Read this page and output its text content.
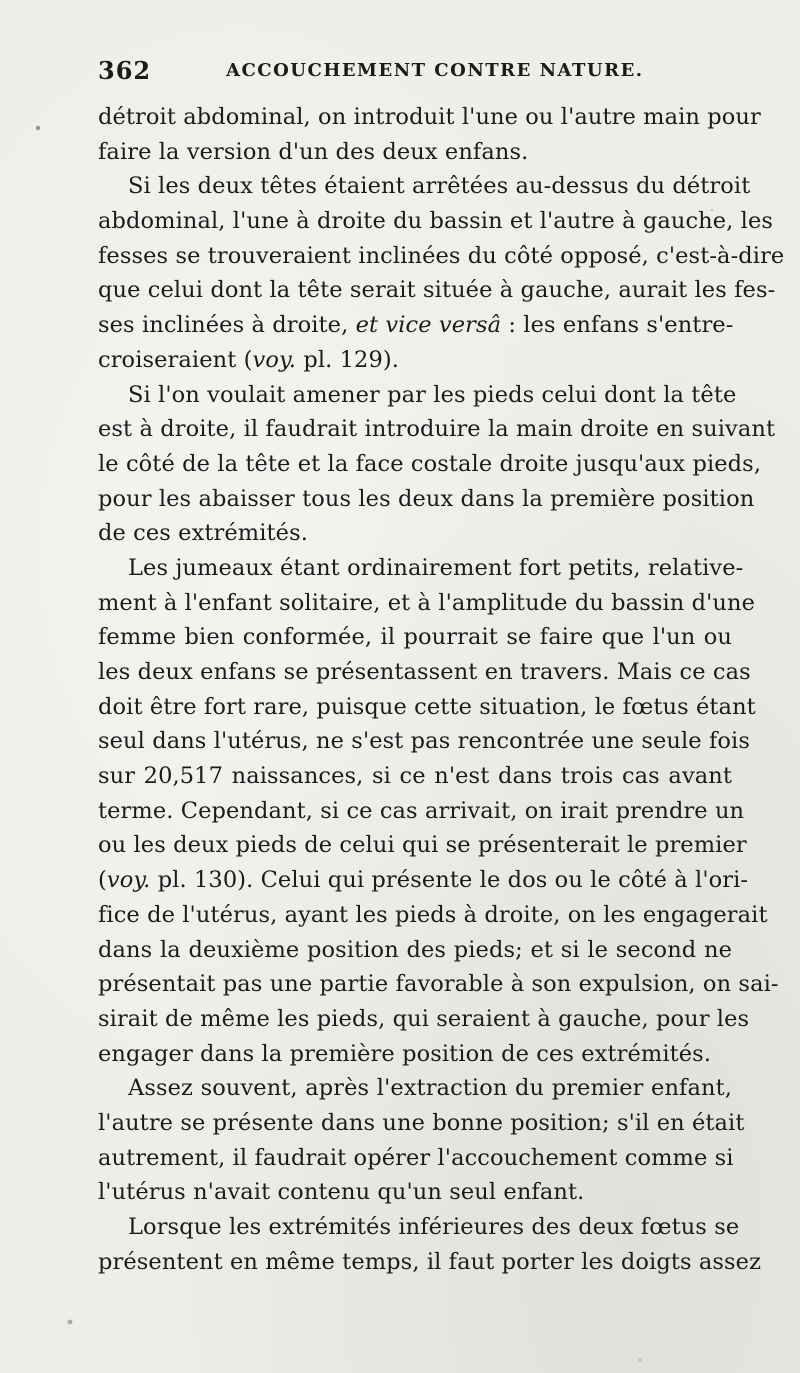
362	ACCOUCHEMENT CONTRE NATURE.
détroit abdominal, on introduit l'une ou l'autre main pour
faire la version d'un des deux enfans.
Si les deux têtes étaient arrêtées au-dessus du détroit
abdominal, l'une à droite du bassin et l'autre à gauche, les
fesses se trouveraient inclinées du côté opposé, c'est-à-dire
que celui dont la tête serait située à gauche, aurait les fes-
ses inclinées à droite, et vice versâ : les enfans s'entre-
croiseraient (voy. pl. 129).
Si l'on voulait amener par les pieds celui dont la tête
est à droite, il faudrait introduire la main droite en suivant
le côté de la tête et la face costale droite jusqu'aux pieds,
pour les abaisser tous les deux dans la première position
de ces extrémités.
Les jumeaux étant ordinairement fort petits, relative-
ment à l'enfant solitaire, et à l'amplitude du bassin d'une
femme bien conformée, il pourrait se faire que l'un ou
les deux enfans se présentassent en travers. Mais ce cas
doit être fort rare, puisque cette situation, le fœtus étant
seul dans l'utérus, ne s'est pas rencontrée une seule fois
sur 20,517 naissances, si ce n'est dans trois cas avant
terme. Cependant, si ce cas arrivait, on irait prendre un
ou les deux pieds de celui qui se présenterait le premier
(voy. pl. 130). Celui qui présente le dos ou le côté à l'ori-
fice de l'utérus, ayant les pieds à droite, on les engagerait
dans la deuxième position des pieds; et si le second ne
présentait pas une partie favorable à son expulsion, on sai-
sirait de même les pieds, qui seraient à gauche, pour les
engager dans la première position de ces extrémités.
Assez souvent, après l'extraction du premier enfant,
l'autre se présente dans une bonne position; s'il en était
autrement, il faudrait opérer l'accouchement comme si
l'utérus n'avait contenu qu'un seul enfant.
Lorsque les extrémités inférieures des deux fœtus se
présentent en même temps, il faut porter les doigts assez
